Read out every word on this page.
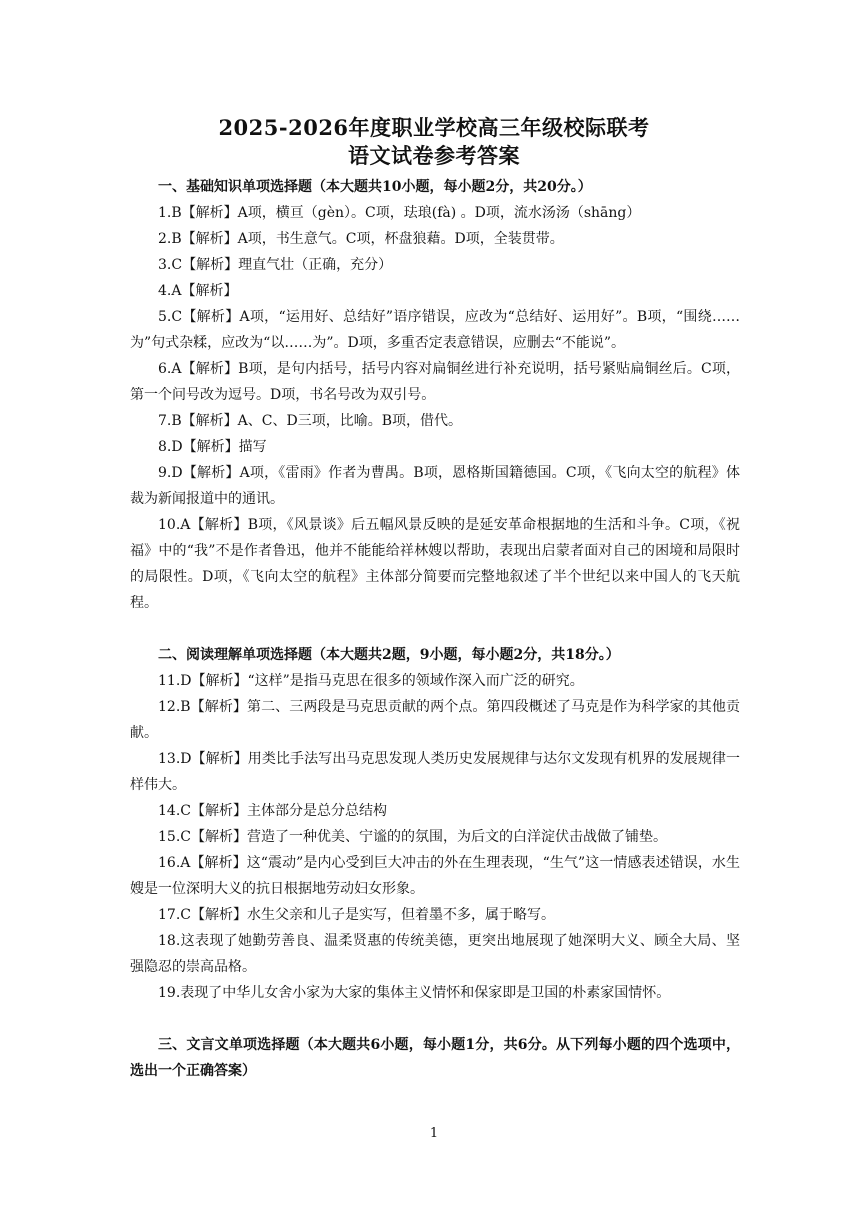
2025-2026年度职业学校高三年级校际联考
语文试卷参考答案

一、基础知识单项选择题（本大题共10小题，每小题2分，共20分。）

1.B【解析】A项，横亘（gèn）。C项，珐琅(fà) 。D项，流水汤汤（shāng）

2.B【解析】A项，书生意气。C项，杯盘狼藉。D项，全装贯带。

3.C【解析】理直气壮（正确，充分）

4.A【解析】

5.C【解析】A项，“运用好、总结好”语序错误，应改为“总结好、运用好”。B项，“围绕……为”句式杂糅，应改为“以……为”。D项，多重否定表意错误，应删去“不能说”。

6.A【解析】B项，是句内括号，括号内容对扁铜丝进行补充说明，括号紧贴扁铜丝后。C项，第一个问号改为逗号。D项，书名号改为双引号。

7.B【解析】A、C、D三项，比喻。B项，借代。

8.D【解析】描写

9.D【解析】A项，《雷雨》作者为曹禺。B项，恩格斯国籍德国。C项，《飞向太空的航程》体裁为新闻报道中的通讯。

10.A【解析】B项，《风景谈》后五幅风景反映的是延安革命根据地的生活和斗争。C项，《祝福》中的“我”不是作者鲁迅，他并不能能给祥林嫂以帮助，表现出启蒙者面对自己的困境和局限时的局限性。D项，《飞向太空的航程》主体部分简要而完整地叙述了半个世纪以来中国人的飞天航程。

二、阅读理解单项选择题（本大题共2题，9小题，每小题2分，共18分。）

11.D【解析】“这样”是指马克思在很多的领域作深入而广泛的研究。

12.B【解析】第二、三两段是马克思贡献的两个点。第四段概述了马克是作为科学家的其他贡献。

13.D【解析】用类比手法写出马克思发现人类历史发展规律与达尔文发现有机界的发展规律一样伟大。

14.C【解析】主体部分是总分总结构

15.C【解析】营造了一种优美、宁谧的的氛围，为后文的白洋淀伏击战做了铺垫。

16.A【解析】这“震动”是内心受到巨大冲击的外在生理表现，“生气”这一情感表述错误，水生嫂是一位深明大义的抗日根据地劳动妇女形象。

17.C【解析】水生父亲和儿子是实写，但着墨不多，属于略写。

18.这表现了她勤劳善良、温柔贤惠的传统美德，更突出地展现了她深明大义、顾全大局、坚强隐忍的崇高品格。

19.表现了中华儿女舍小家为大家的集体主义情怀和保家即是卫国的朴素家国情怀。

三、文言文单项选择题（本大题共6小题，每小题1分，共6分。从下列每小题的四个选项中，选出一个正确答案）

1
